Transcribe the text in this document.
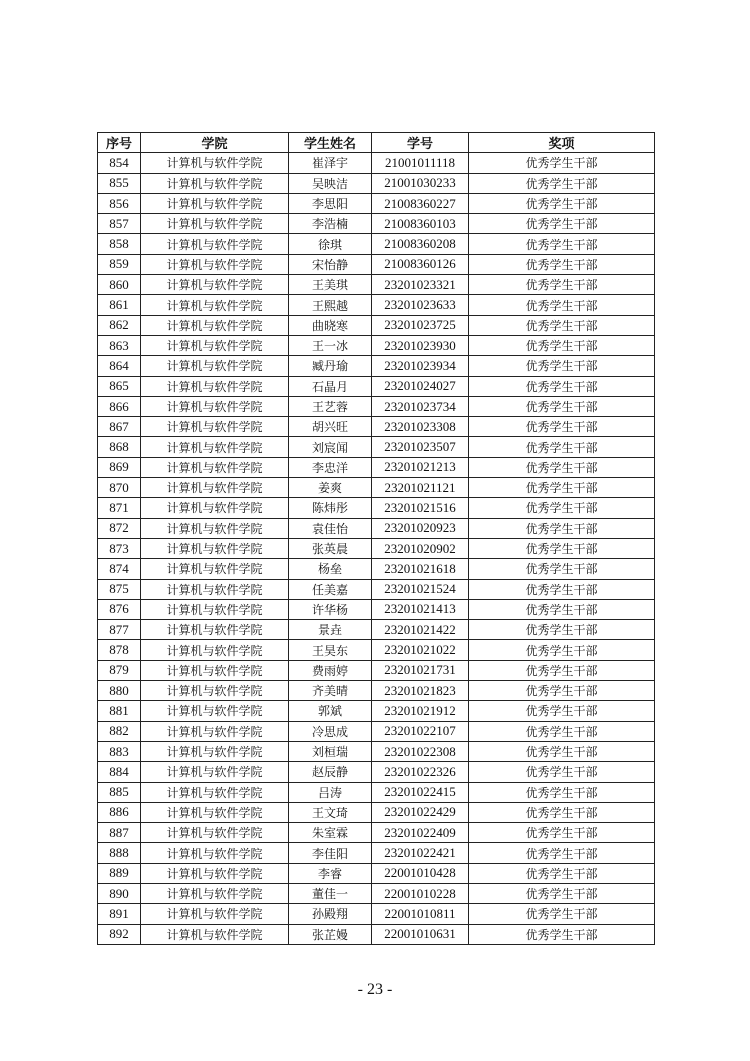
序号	学院	学生姓名	学号	奖项
854	计算机与软件学院	崔泽宇	21001011118	优秀学生干部
855	计算机与软件学院	吴映洁	21001030233	优秀学生干部
856	计算机与软件学院	李思阳	21008360227	优秀学生干部
857	计算机与软件学院	李浩楠	21008360103	优秀学生干部
858	计算机与软件学院	徐琪	21008360208	优秀学生干部
859	计算机与软件学院	宋怡静	21008360126	优秀学生干部
860	计算机与软件学院	王美琪	23201023321	优秀学生干部
861	计算机与软件学院	王熙越	23201023633	优秀学生干部
862	计算机与软件学院	曲晓寒	23201023725	优秀学生干部
863	计算机与软件学院	王一冰	23201023930	优秀学生干部
864	计算机与软件学院	臧丹瑜	23201023934	优秀学生干部
865	计算机与软件学院	石晶月	23201024027	优秀学生干部
866	计算机与软件学院	王艺蓉	23201023734	优秀学生干部
867	计算机与软件学院	胡兴旺	23201023308	优秀学生干部
868	计算机与软件学院	刘宸闻	23201023507	优秀学生干部
869	计算机与软件学院	李忠洋	23201021213	优秀学生干部
870	计算机与软件学院	姜爽	23201021121	优秀学生干部
871	计算机与软件学院	陈炜彤	23201021516	优秀学生干部
872	计算机与软件学院	袁佳怡	23201020923	优秀学生干部
873	计算机与软件学院	张英晨	23201020902	优秀学生干部
874	计算机与软件学院	杨垒	23201021618	优秀学生干部
875	计算机与软件学院	任美嘉	23201021524	优秀学生干部
876	计算机与软件学院	许华杨	23201021413	优秀学生干部
877	计算机与软件学院	景垚	23201021422	优秀学生干部
878	计算机与软件学院	王昊东	23201021022	优秀学生干部
879	计算机与软件学院	费雨婷	23201021731	优秀学生干部
880	计算机与软件学院	齐美晴	23201021823	优秀学生干部
881	计算机与软件学院	郭斌	23201021912	优秀学生干部
882	计算机与软件学院	冷思成	23201022107	优秀学生干部
883	计算机与软件学院	刘桓瑞	23201022308	优秀学生干部
884	计算机与软件学院	赵辰静	23201022326	优秀学生干部
885	计算机与软件学院	吕涛	23201022415	优秀学生干部
886	计算机与软件学院	王文琦	23201022429	优秀学生干部
887	计算机与软件学院	朱室霖	23201022409	优秀学生干部
888	计算机与软件学院	李佳阳	23201022421	优秀学生干部
889	计算机与软件学院	李睿	22001010428	优秀学生干部
890	计算机与软件学院	董佳一	22001010228	优秀学生干部
891	计算机与软件学院	孙殿翔	22001010811	优秀学生干部
892	计算机与软件学院	张芷嫚	22001010631	优秀学生干部
- 23 -
